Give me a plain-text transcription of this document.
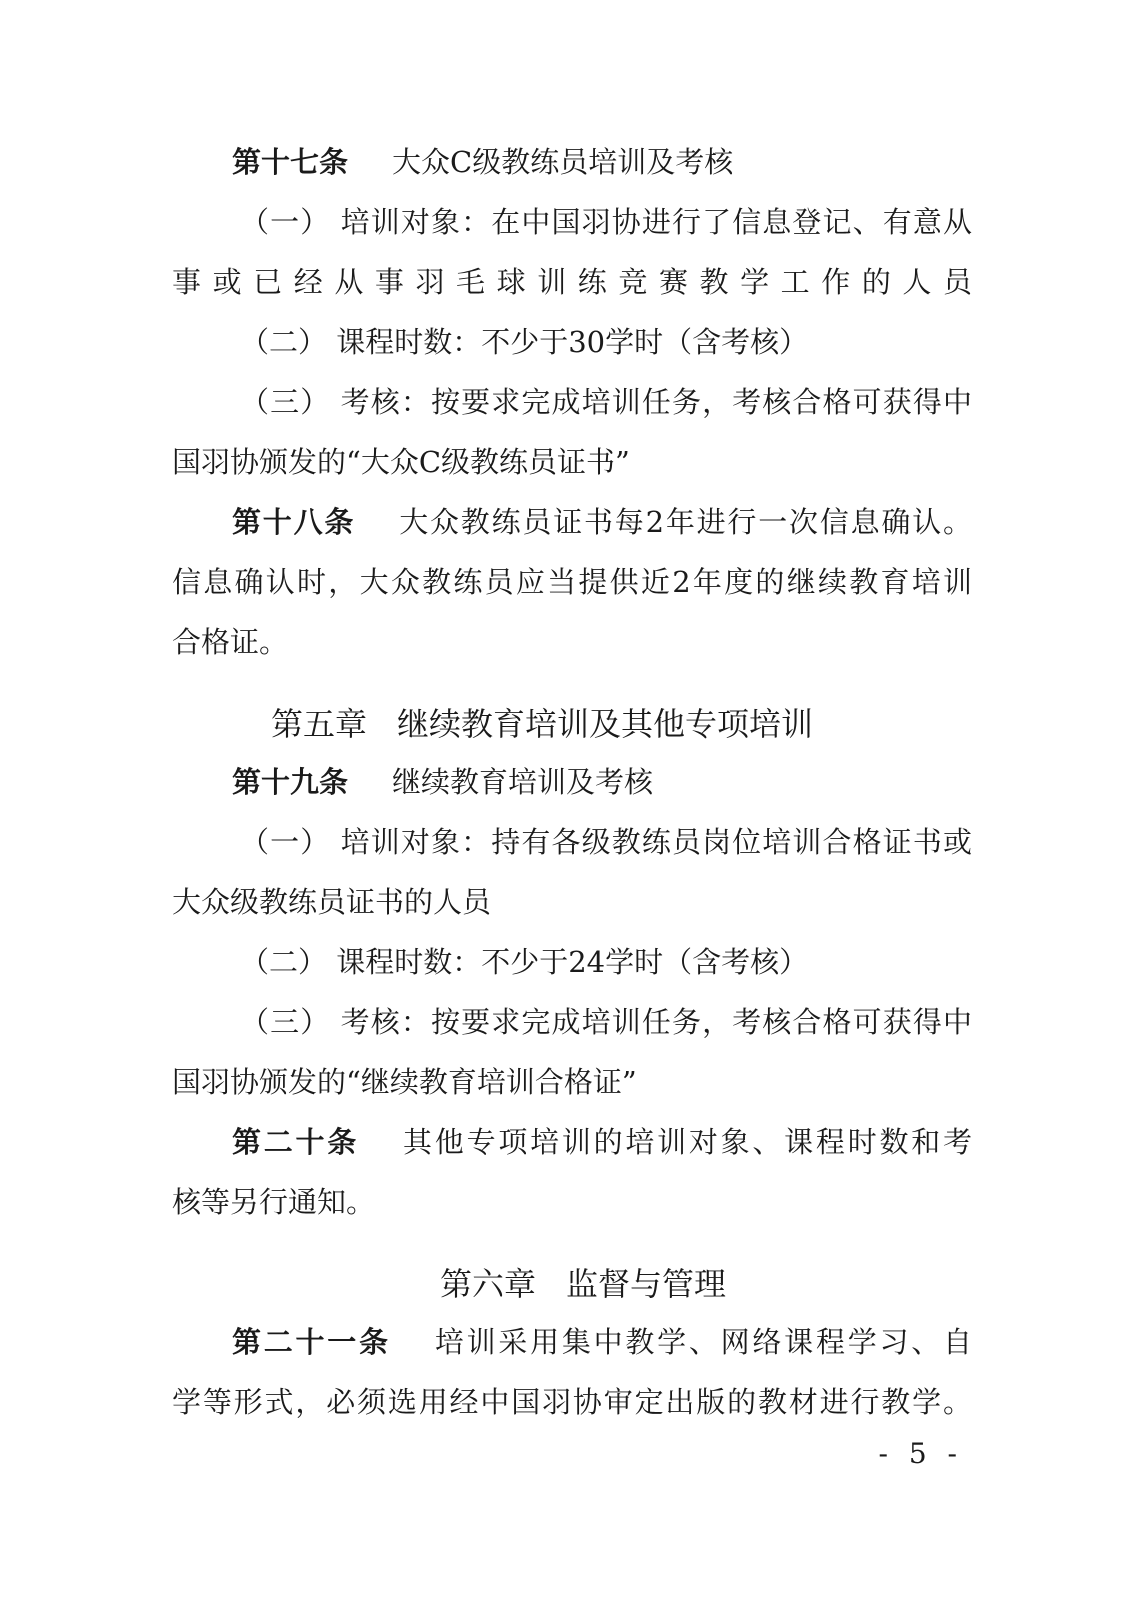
第十七条 大众C级教练员培训及考核
（一） 培训对象：在中国羽协进行了信息登记、有意从
事或已经从事羽毛球训练竞赛教学工作的人员
（二） 课程时数：不少于30学时（含考核）
（三） 考核：按要求完成培训任务，考核合格可获得中
国羽协颁发的“大众C级教练员证书”
第十八条 大众教练员证书每2年进行一次信息确认。
信息确认时，大众教练员应当提供近2年度的继续教育培训
合格证。
第五章 继续教育培训及其他专项培训
第十九条 继续教育培训及考核
（一） 培训对象：持有各级教练员岗位培训合格证书或
大众级教练员证书的人员
（二） 课程时数：不少于24学时（含考核）
（三） 考核：按要求完成培训任务，考核合格可获得中
国羽协颁发的“继续教育培训合格证”
第二十条 其他专项培训的培训对象、课程时数和考
核等另行通知。
第六章 监督与管理
第二十一条 培训采用集中教学、网络课程学习、自
学等形式，必须选用经中国羽协审定出版的教材进行教学。
- 5 -
